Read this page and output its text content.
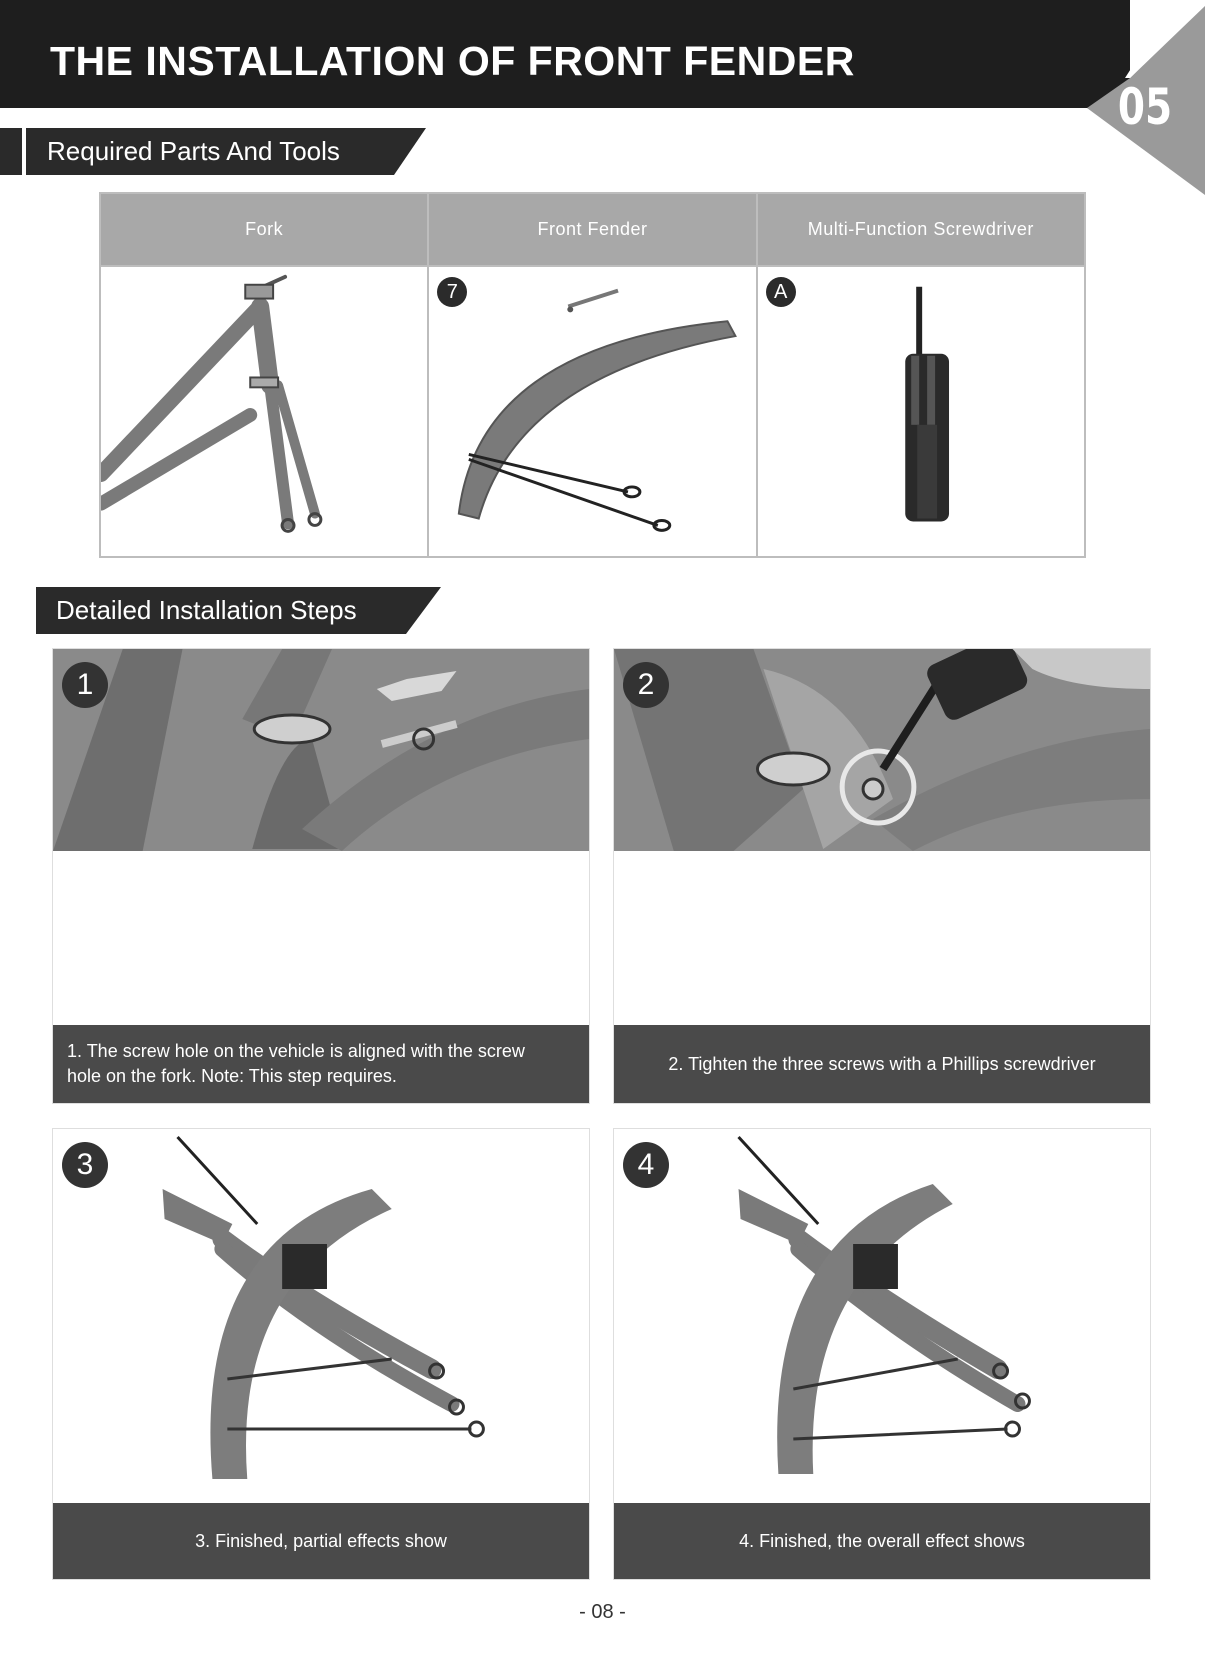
THE INSTALLATION OF FRONT FENDER
05
Required Parts And Tools
Fork	Front Fender
7
Multi-Function Screwdriver
A
Detailed Installation Steps
1
1. The screw hole on the vehicle is aligned with the screw
hole on the fork. Note: This step requires.
2
2. Tighten the three screws with a Phillips screwdriver
3
3. Finished, partial effects show
4
4. Finished, the overall effect shows
- 08 -
